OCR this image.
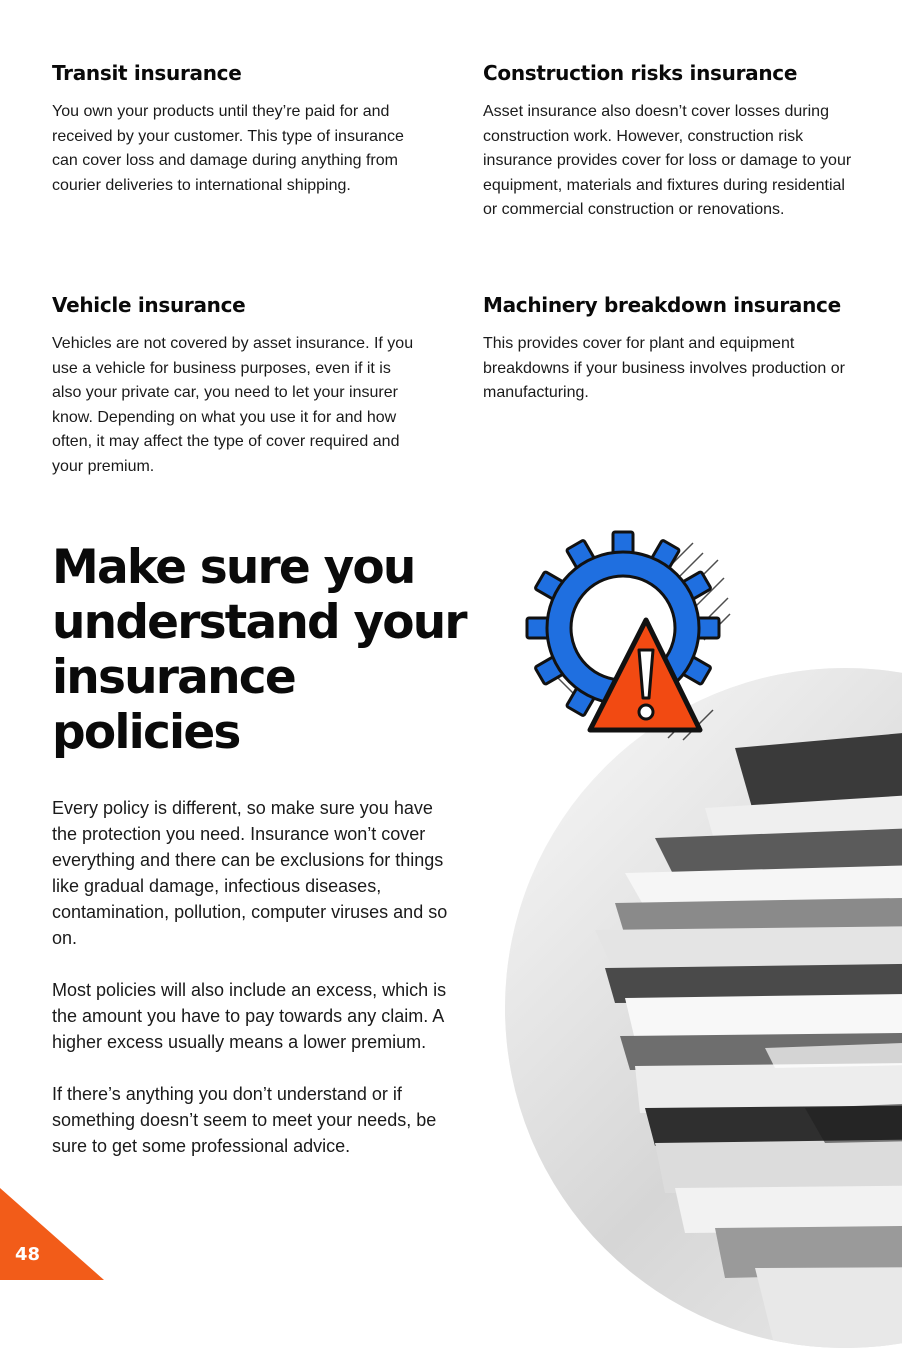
Transit insurance

You own your products until they’re paid for and received by your customer. This type of insurance can cover loss and damage during anything from courier deliveries to international shipping.

Construction risks insurance

Asset insurance also doesn’t cover losses during construction work. However, construction risk insurance provides cover for loss or damage to your equipment, materials and fixtures during residential or commercial construction or renovations.

Vehicle insurance

Vehicles are not covered by asset insurance. If you use a vehicle for business purposes, even if it is also your private car, you need to let your insurer know. Depending on what you use it for and how often, it may affect the type of cover required and your premium.

Machinery breakdown insurance

This provides cover for plant and equipment breakdowns if your business involves production or manufacturing.

Make sure you understand your insurance policies

Every policy is different, so make sure you have the protection you need. Insurance won’t cover everything and there can be exclusions for things like gradual damage, infectious diseases, contamination, pollution, computer viruses and so on.

Most policies will also include an excess, which is the amount you have to pay towards any claim. A higher excess usually means a lower premium.

If there’s anything you don’t understand or if something doesn’t seem to meet your needs, be sure to get some professional advice.

48
